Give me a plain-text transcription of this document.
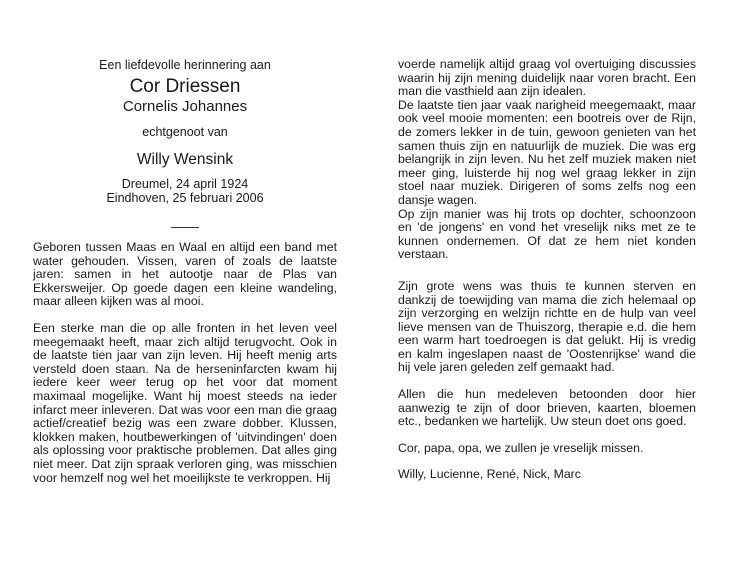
Een liefdevolle herinnering aan
Cor Driessen
Cornelis Johannes
echtgenoot van
Willy Wensink
Dreumel, 24 april 1924
Eindhoven, 25 februari 2006

Geboren tussen Maas en Waal en altijd een band met water gehouden. Vissen, varen of zoals de laatste jaren: samen in het autootje naar de Plas van Ekkersweijer. Op goede dagen een kleine wandeling, maar alleen kijken was al mooi.

Een sterke man die op alle fronten in het leven veel meegemaakt heeft, maar zich altijd terugvocht. Ook in de laatste tien jaar van zijn leven. Hij heeft menig arts versteld doen staan. Na de herseninfarcten kwam hij iedere keer weer terug op het voor dat moment maximaal mogelijke. Want hij moest steeds na ieder infarct meer inleveren. Dat was voor een man die graag actief/creatief bezig was een zware dobber. Klussen, klokken maken, houtbewerkingen of 'uitvindingen' doen als oplossing voor praktische problemen. Dat alles ging niet meer. Dat zijn spraak verloren ging, was misschien voor hemzelf nog wel het moeilijkste te verkroppen. Hij

voerde namelijk altijd graag vol overtuiging discussies waarin hij zijn mening duidelijk naar voren bracht. Een man die vasthield aan zijn idealen.

De laatste tien jaar vaak narigheid meegemaakt, maar ook veel mooie momenten: een bootreis over de Rijn, de zomers lekker in de tuin, gewoon genieten van het samen thuis zijn en natuurlijk de muziek. Die was erg belangrijk in zijn leven. Nu het zelf muziek maken niet meer ging, luisterde hij nog wel graag lekker in zijn stoel naar muziek. Dirigeren of soms zelfs nog een dansje wagen.

Op zijn manier was hij trots op dochter, schoonzoon en 'de jongens' en vond het vreselijk niks met ze te kunnen ondernemen. Of dat ze hem niet konden verstaan.

Zijn grote wens was thuis te kunnen sterven en dankzij de toewijding van mama die zich helemaal op zijn verzorging en welzijn richtte en de hulp van veel lieve mensen van de Thuiszorg, therapie e.d. die hem een warm hart toedroegen is dat gelukt. Hij is vredig en kalm ingeslapen naast de 'Oostenrijkse' wand die hij vele jaren geleden zelf gemaakt had.

Allen die hun medeleven betoonden door hier aanwezig te zijn of door brieven, kaarten, bloemen etc., bedanken we hartelijk. Uw steun doet ons goed.

Cor, papa, opa, we zullen je vreselijk missen.

Willy, Lucienne, René, Nick, Marc
